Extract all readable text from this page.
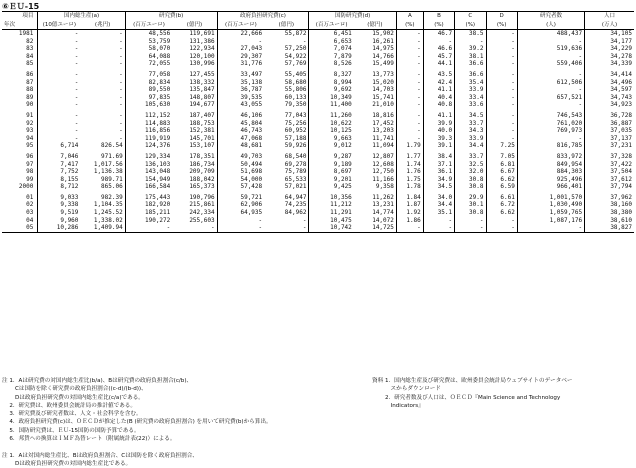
⑥ＥＵ-15
項目	国内総生産(a)		研究費(b)		政府負担研究費(c)		国防研究費(d)		A	B	C	D	研究者数	人口
年次	(10億ユーロ)	(兆円)	(百万ユーロ)	(億円)	(百万ユーロ)	(億円)	(百万ユーロ)	(億円)	(%)	(%)	(%)	(%)	(人)	(万人)
1981	-	-	48,556	119,691	22,666	55,872	6,451	15,902	-	46.7	38.5	-	488,437	34,105
82	-	-	53,759	131,386	-	-	6,653	16,261	-	-	-	-	-	34,177
83	-	-	58,070	122,934	27,043	57,250	7,074	14,975	-	46.6	39.2	-	519,636	34,229
84	-	-	64,088	120,100	29,307	54,922	7,879	14,766	-	45.7	38.1	-	-	34,278
85	-	-	72,055	130,996	31,776	57,769	8,526	15,499	-	44.1	36.6	-	559,406	34,339

86	-	-	77,058	127,455	33,497	55,405	8,327	13,773	-	43.5	36.6	-	-	34,414
87	-	-	82,834	138,332	35,138	58,680	8,994	15,020	-	42.4	35.4	-	612,506	34,496
88	-	-	89,550	135,847	36,787	55,806	9,692	14,703	-	41.1	33.9	-	-	34,597
89	-	-	97,835	148,807	39,535	60,133	10,349	15,741	-	40.4	33.4	-	657,521	34,743
90	-	-	105,630	194,677	43,055	79,350	11,400	21,010	-	40.8	33.6	-	-	34,923

91	-	-	112,152	187,407	46,106	77,043	11,260	18,816	-	41.1	34.5	-	746,543	36,728
92	-	-	114,883	188,753	45,804	75,256	10,622	17,452	-	39.9	33.7	-	761,020	36,887
93	-	-	116,856	152,381	46,743	60,952	10,125	13,203	-	40.0	34.3	-	769,973	37,035
94	-	-	119,919	145,701	47,068	57,188	9,663	11,741	-	39.3	33.9	-	-	37,137
95	6,714	826.54	124,376	153,107	48,681	59,926	9,012	11,094	1.79	39.1	34.4	7.25	816,785	37,231

96	7,046	971.69	129,334	178,351	49,703	68,540	9,287	12,807	1.77	38.4	33.7	7.05	833,972	37,328
97	7,417	1,017.56	136,103	186,734	50,494	69,278	9,189	12,608	1.74	37.1	32.5	6.81	849,954	37,422
98	7,752	1,136.38	143,048	209,709	51,698	75,789	8,697	12,750	1.76	36.1	32.0	6.67	884,303	37,504
99	8,155	989.71	154,949	188,042	54,000	65,533	9,201	11,166	1.75	34.9	30.8	6.62	925,496	37,612
2000	8,712	865.06	166,584	165,373	57,428	57,021	9,425	9,358	1.78	34.5	30.8	6.59	966,401	37,794

01	9,033	982.39	175,443	190,796	59,721	64,947	10,356	11,262	1.84	34.0	29.9	6.61	1,001,570	37,962
02	9,338	1,104.35	182,920	215,861	62,906	74,235	11,212	13,231	1.87	34.4	30.1	6.72	1,030,490	38,160
03	9,519	1,245.52	185,211	242,334	64,935	84,962	11,291	14,774	1.92	35.1	30.8	6.62	1,059,765	38,380
04	9,960	1,338.02	190,272	255,603	-	-	10,475	14,072	1.86	-	-	-	1,087,176	38,610
05	10,286	1,409.94	-	-	-	-	10,742	14,725	-	-	-	-	-	38,827
注 1．Aは研究費の対国内総生産比(b/a)、Bは研究費の政府負担割合(c/b)、
　　 Cは国防を除く研究費の政府負担割合((c-d)/(b-d))、
　　 Dは政府負担研究費の対国内総生産比(c/a)である。
　 2．研究費は、欧州委員会統計局の推計値である。
　 3．研究費及び研究者数は、人文・社会科学を含む。
　 4．政府負担研究費(c)は、ＯＥＣＤが推定した(B (研究費の政府負担割合) を用いて研究費(b)から算出。
　 5．国防研究費は、ＥＵ-15国防の国防予算である。
　 6．邦貨への換算はＩＭＦ為替レート（附属統計表(22)）による。

注 1．Aは対国内総生産比、Bは政府負担割合、Cは国防を除く政府負担割合、
　　 Dは政府負担研究費の対国内総生産比である。
資料 1．国内総生産及び研究費は、欧州委員会統計局ウェブサイトのデータベー
　　　 スからダウンロード
　　 2．研究者数及び人口は、ＯＥＣＤ『Main Science and Technology
　　　 Indicators』
